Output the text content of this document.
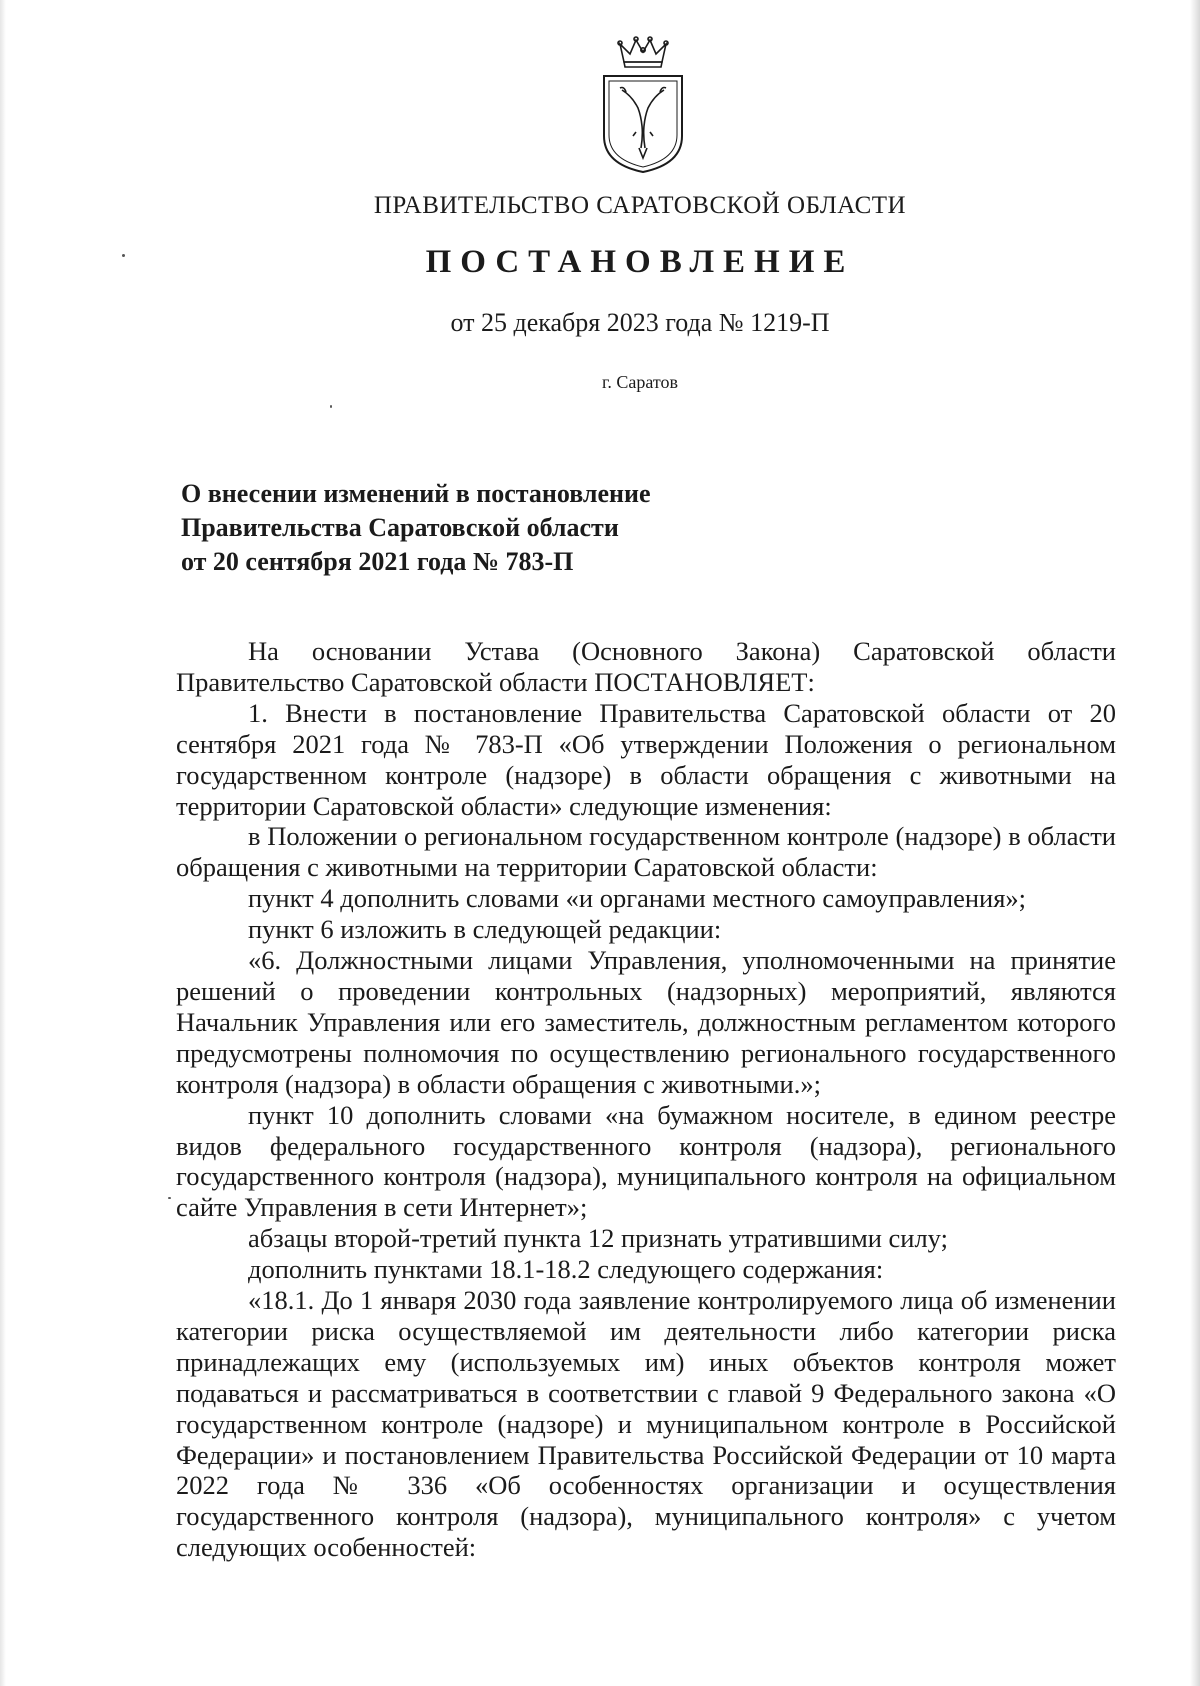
ПРАВИТЕЛЬСТВО САРАТОВСКОЙ ОБЛАСТИ
ПОСТАНОВЛЕНИЕ
от 25 декабря 2023 года № 1219-П
г. Саратов
О внесении изменений в постановление
Правительства Саратовской области
от 20 сентября 2021 года № 783-П

На основании Устава (Основного Закона) Саратовской области Правительство Саратовской области ПОСТАНОВЛЯЕТ:

1. Внести в постановление Правительства Саратовской области от 20 сентября 2021 года № 783-П «Об утверждении Положения о региональном государственном контроле (надзоре) в области обращения с животными на территории Саратовской области» следующие изменения:

в Положении о региональном государственном контроле (надзоре) в области обращения с животными на территории Саратовской области:

пункт 4 дополнить словами «и органами местного самоуправления»;

пункт 6 изложить в следующей редакции:

«6. Должностными лицами Управления, уполномоченными на принятие решений о проведении контрольных (надзорных) мероприятий, являются Начальник Управления или его заместитель, должностным регламентом которого предусмотрены полномочия по осуществлению регионального государственного контроля (надзора) в области обращения с животными.»;

пункт 10 дополнить словами «на бумажном носителе, в едином реестре видов федерального государственного контроля (надзора), регионального государственного контроля (надзора), муниципального контроля на официальном сайте Управления в сети Интернет»;

абзацы второй-третий пункта 12 признать утратившими силу;

дополнить пунктами 18.1-18.2 следующего содержания:

«18.1. До 1 января 2030 года заявление контролируемого лица об изменении категории риска осуществляемой им деятельности либо категории риска принадлежащих ему (используемых им) иных объектов контроля может подаваться и рассматриваться в соответствии с главой 9 Федерального закона «О государственном контроле (надзоре) и муниципальном контроле в Российской Федерации» и постановлением Правительства Российской Федерации от 10 марта 2022 года № 336 «Об особенностях организации и осуществления государственного контроля (надзора), муниципального контроля» с учетом следующих особенностей:
